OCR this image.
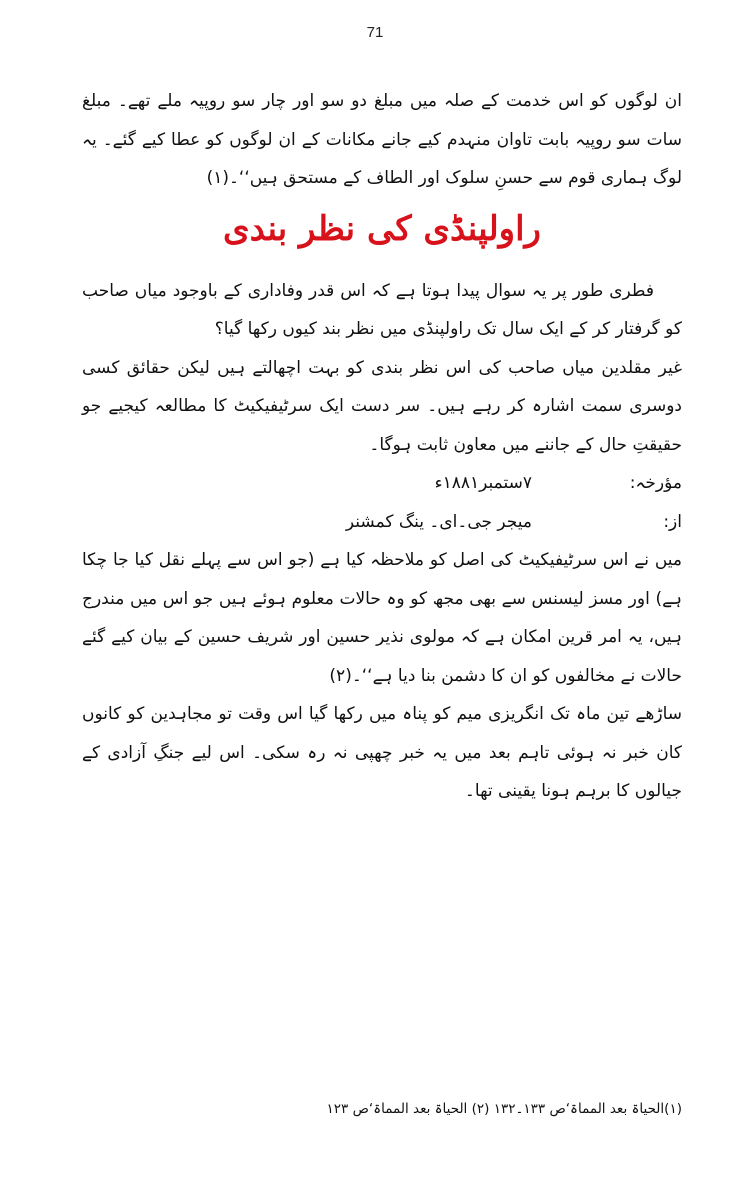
71

ان لوگوں کو اس خدمت کے صلہ میں مبلغ دو سو اور چار سو روپیہ ملے تھے۔ مبلغ سات سو روپیہ بابت تاوان منہدم کیے جانے مکانات کے ان لوگوں کو عطا کیے گئے۔ یہ لوگ ہماری قوم سے حسنِ سلوک اور الطاف کے مستحق ہیں‘‘۔(۱)

راولپنڈی کی نظر بندی

فطری طور پر یہ سوال پیدا ہوتا ہے کہ اس قدر وفاداری کے باوجود میاں صاحب کو گرفتار کر کے ایک سال تک راولپنڈی میں نظر بند کیوں رکھا گیا؟

غیر مقلدین میاں صاحب کی اس نظر بندی کو بہت اچھالتے ہیں لیکن حقائق کسی دوسری سمت اشارہ کر رہے ہیں۔ سر دست ایک سرٹیفیکیٹ کا مطالعہ کیجیے جو حقیقتِ حال کے جاننے میں معاون ثابت ہوگا۔

مؤرخہ:
۷ستمبر۱۸۸۱ء
از:
میجر جی۔ای۔ ینگ کمشنر

میں نے اس سرٹیفیکیٹ کی اصل کو ملاحظہ کیا ہے (جو اس سے پہلے نقل کیا جا چکا ہے) اور مسز لیسنس سے بھی مجھ کو وہ حالات معلوم ہوئے ہیں جو اس میں مندرج ہیں، یہ امر قرین امکان ہے کہ مولوی نذیر حسین اور شریف حسین کے بیان کیے گئے حالات نے مخالفوں کو ان کا دشمن بنا دیا ہے‘‘۔(۲)

ساڑھے تین ماہ تک انگریزی میم کو پناہ میں رکھا گیا اس وقت تو مجاہدین کو کانوں کان خبر نہ ہوئی تاہم بعد میں یہ خبر چھپی نہ رہ سکی۔ اس لیے جنگِ آزادی کے جیالوں کا برہم ہونا یقینی تھا۔

(۱)الحیاۃ بعد المماۃ‘ص ۱۳۳۔۱۳۲ (۲) الحیاۃ بعد المماۃ‘ص ۱۲۳
